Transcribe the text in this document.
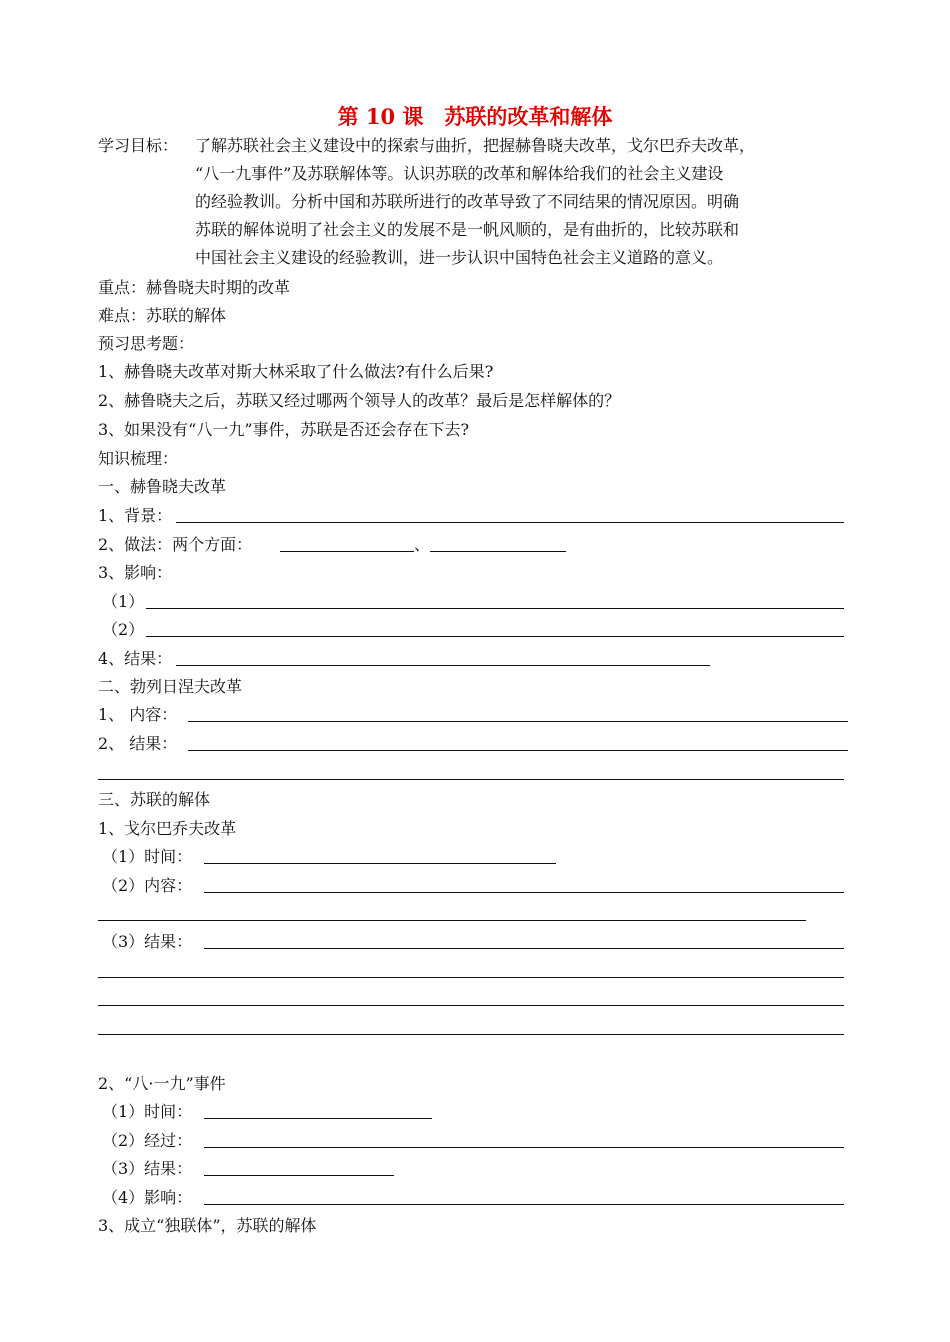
第 10 课　苏联的改革和解体
学习目标： 了解苏联社会主义建设中的探索与曲折，把握赫鲁晓夫改革，戈尔巴乔夫改革，
“八一九事件”及苏联解体等。认识苏联的改革和解体给我们的社会主义建设
的经验教训。分析中国和苏联所进行的改革导致了不同结果的情况原因。明确
苏联的解体说明了社会主义的发展不是一帆风顺的，是有曲折的，比较苏联和
中国社会主义建设的经验教训，进一步认识中国特色社会主义道路的意义。
重点：赫鲁晓夫时期的改革
难点：苏联的解体
预习思考题：
1、赫鲁晓夫改革对斯大林采取了什么做法?有什么后果?
2、赫鲁晓夫之后，苏联又经过哪两个领导人的改革？最后是怎样解体的？
3、如果没有“八一九”事件，苏联是否还会存在下去?
知识梳理：
一、赫鲁晓夫改革
1、背景：
2、做法：两个方面：	、
3、影响：
（1）
（2）
4、结果：
二、勃列日涅夫改革
1、 内容：
2、 结果：
三、苏联的解体
1、戈尔巴乔夫改革
（1）时间：
（2）内容：
（3）结果：
2、“八·一九”事件
（1）时间：
（2）经过：
（3）结果：
（4）影响：
3、成立“独联体”，苏联的解体
